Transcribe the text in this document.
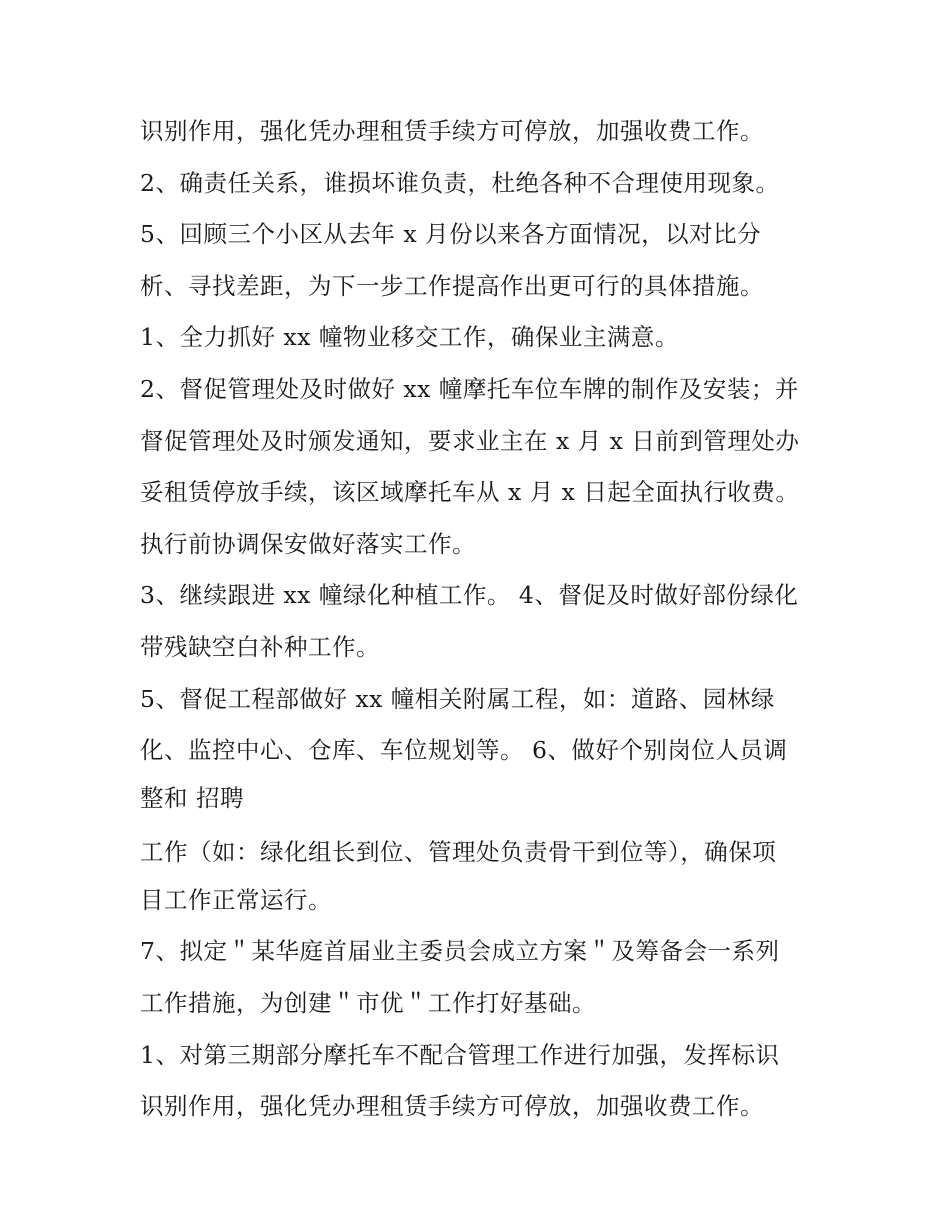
识别作用，强化凭办理租赁手续方可停放，加强收费工作。
2、确责任关系，谁损坏谁负责，杜绝各种不合理使用现象。
5、回顾三个小区从去年 x 月份以来各方面情况，以对比分
析、寻找差距，为下一步工作提高作出更可行的具体措施。
1、全力抓好 xx 幢物业移交工作，确保业主满意。
2、督促管理处及时做好 xx 幢摩托车位车牌的制作及安装；并
督促管理处及时颁发通知，要求业主在 x 月 x 日前到管理处办
妥租赁停放手续，该区域摩托车从 x 月 x 日起全面执行收费。
执行前协调保安做好落实工作。
3、继续跟进 xx 幢绿化种植工作。 4、督促及时做好部份绿化
带残缺空白补种工作。
5、督促工程部做好 xx 幢相关附属工程，如：道路、园林绿
化、监控中心、仓库、车位规划等。 6、做好个别岗位人员调
整和 招聘
工作（如：绿化组长到位、管理处负责骨干到位等），确保项
目工作正常运行。
7、拟定＂某华庭首届业主委员会成立方案＂及筹备会一系列
工作措施，为创建＂市优＂工作打好基础。
1、对第三期部分摩托车不配合管理工作进行加强，发挥标识
识别作用，强化凭办理租赁手续方可停放，加强收费工作。
